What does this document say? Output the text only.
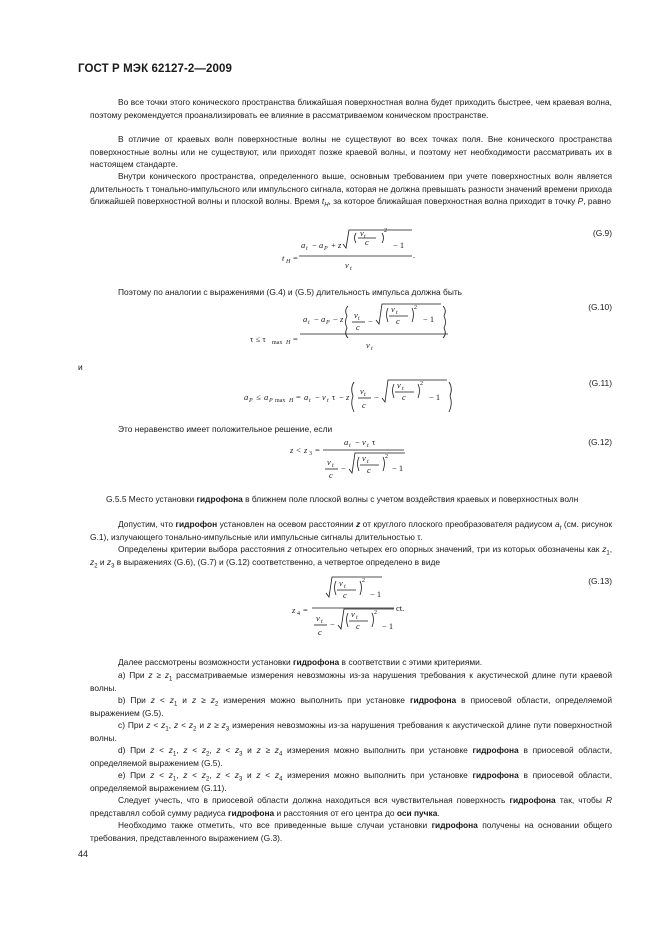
ГОСТ Р МЭК 62127-2—2009
Во все точки этого конического пространства ближайшая поверхностная волна будет приходить быстрее, чем краевая волна, поэтому рекомендуется проанализировать ее влияние в рассматриваемом коническом пространстве.
В отличие от краевых волн поверхностные волны не существуют во всех точках поля. Вне конического пространства поверхностные волны или не существуют, или приходят позже краевой волны, и поэтому нет необходимости рассматривать их в настоящем стандарте.
Внутри конического пространства, определенного выше, основным требованием при учете поверхностных волн является длительность τ тонально-импульсного или импульсного сигнала, которая не должна превышать разности значений времени прихода ближайшей поверхностной волны и плоской волны. Время $t_H$, за которое ближайшая поверхностная волна приходит в точку P, равно
t H =
a t − a P + z
v t c
2
− 1
v t
.
(G.9)
Поэтому по аналогии с выражениями (G.4) и (G.5) длительность импульса должна быть
τ ≤ τ max H =
a t − a P − z v t
c
−
v t
c
2
− 1
v t
(G.10)
и
a P ≤ a P max H = a t − v t τ − z
v t
c
−
v t
c
2
− 1
(G.11)
Это неравенство имеет положительное решение, если
z < z 3 =
a t − v t τ
v t
c
−
v t
c
2
− 1
(G.12)
G.5.5 Место установки гидрофона в ближнем поле плоской волны с учетом воздействия краевых и поверхностных волн
Допустим, что гидрофон установлен на осевом расстоянии z от круглого плоского преобразователя радиусом $a_t$ (см. рисунок G.1), излучающего тонально-импульсные или импульсные сигналы длительностью τ.
Определены критерии выбора расстояния z относительно четырех его опорных значений, три из которых обозначены как $z_1$, $z_2$ и $z_3$ в выражениях (G.6), (G.7) и (G.12) соответственно, а четвертое определено в виде
z 4 =
v t
c
2
− 1
v t
c
−
v t
c
2
− 1
ct.
(G.13)
Далее рассмотрены возможности установки гидрофона в соответствии с этими критериями.
а) При $z \ge z_1$ рассматриваемые измерения невозможны из-за нарушения требования к акустической длине пути краевой волны.
b) При $z < z_1$ и $z \ge z_2$ измерения можно выполнить при установке гидрофона в приосевой области, определяемой выражением (G.5).
c) При $z < z_1$, $z < z_2$ и $z \ge z_3$ измерения невозможны из-за нарушения требования к акустической длине пути поверхностной волны.
d) При $z < z_1$, $z < z_2$, $z < z_3$ и $z \ge z_4$ измерения можно выполнить при установке гидрофона в приосевой области, определяемой выражением (G.5).
е) При $z < z_1$, $z < z_2$, $z < z_3$ и $z < z_4$ измерения можно выполнить при установке гидрофона в приосевой области, определяемой выражением (G.11).
Следует учесть, что в приосевой области должна находиться вся чувствительная поверхность гидрофона так, чтобы R представлял собой сумму радиуса гидрофона и расстояния от его центра до оси пучка.
Необходимо также отметить, что все приведенные выше случаи установки гидрофона получены на основании общего требования, представленного выражением (G.3).
44
